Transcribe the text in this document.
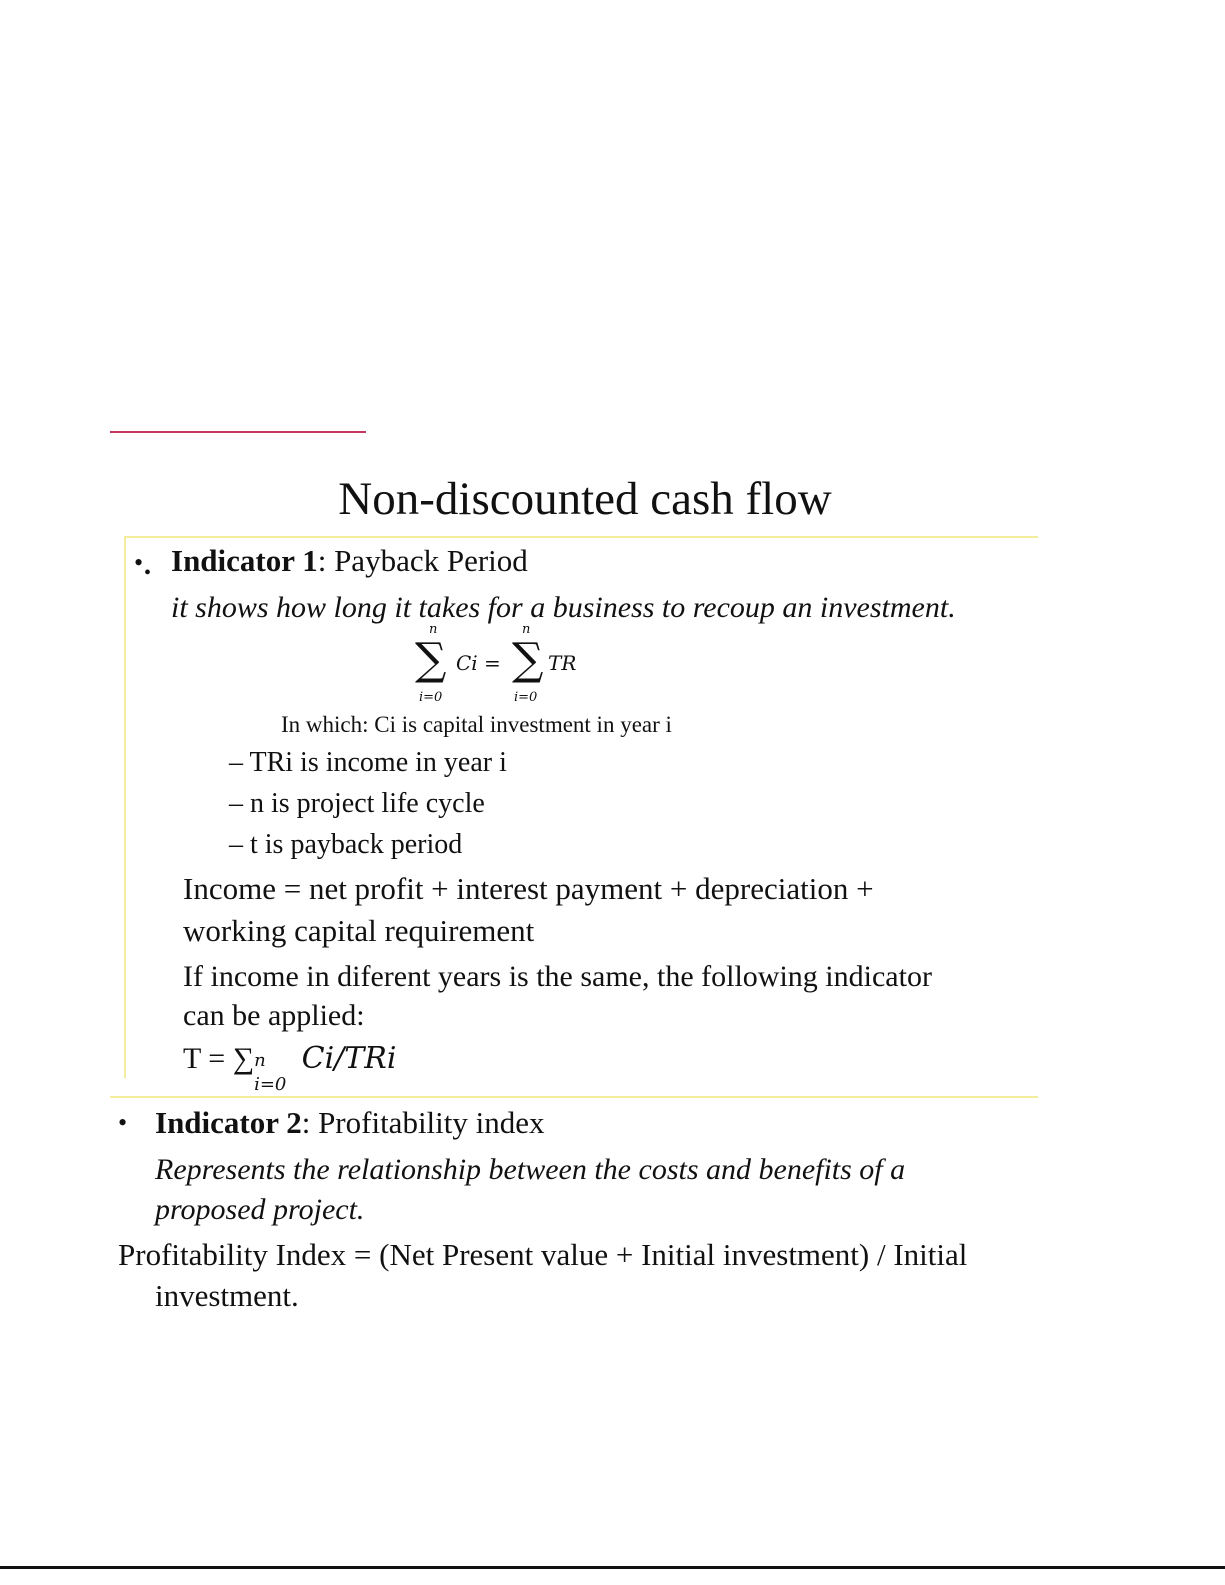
Non-discounted cash flow
• • Indicator 1: Payback Period
it shows how long it takes for a business to recoup an investment.
n	n
∑ Ci = ∑ TR
i=0	i=0
In which: Ci is capital investment in year i
– TRi is income in year i
– n is project life cycle
– t is payback period
Income = net profit + interest payment + depreciation +
working capital requirement
If income in diferent years is the same, the following indicator
can be applied:
T = ∑ n
i=0
Ci/TRi
• Indicator 2: Profitability index
Represents the relationship between the costs and benefits of a
proposed project.
Profitability Index = (Net Present value + Initial investment) / Initial
investment.
